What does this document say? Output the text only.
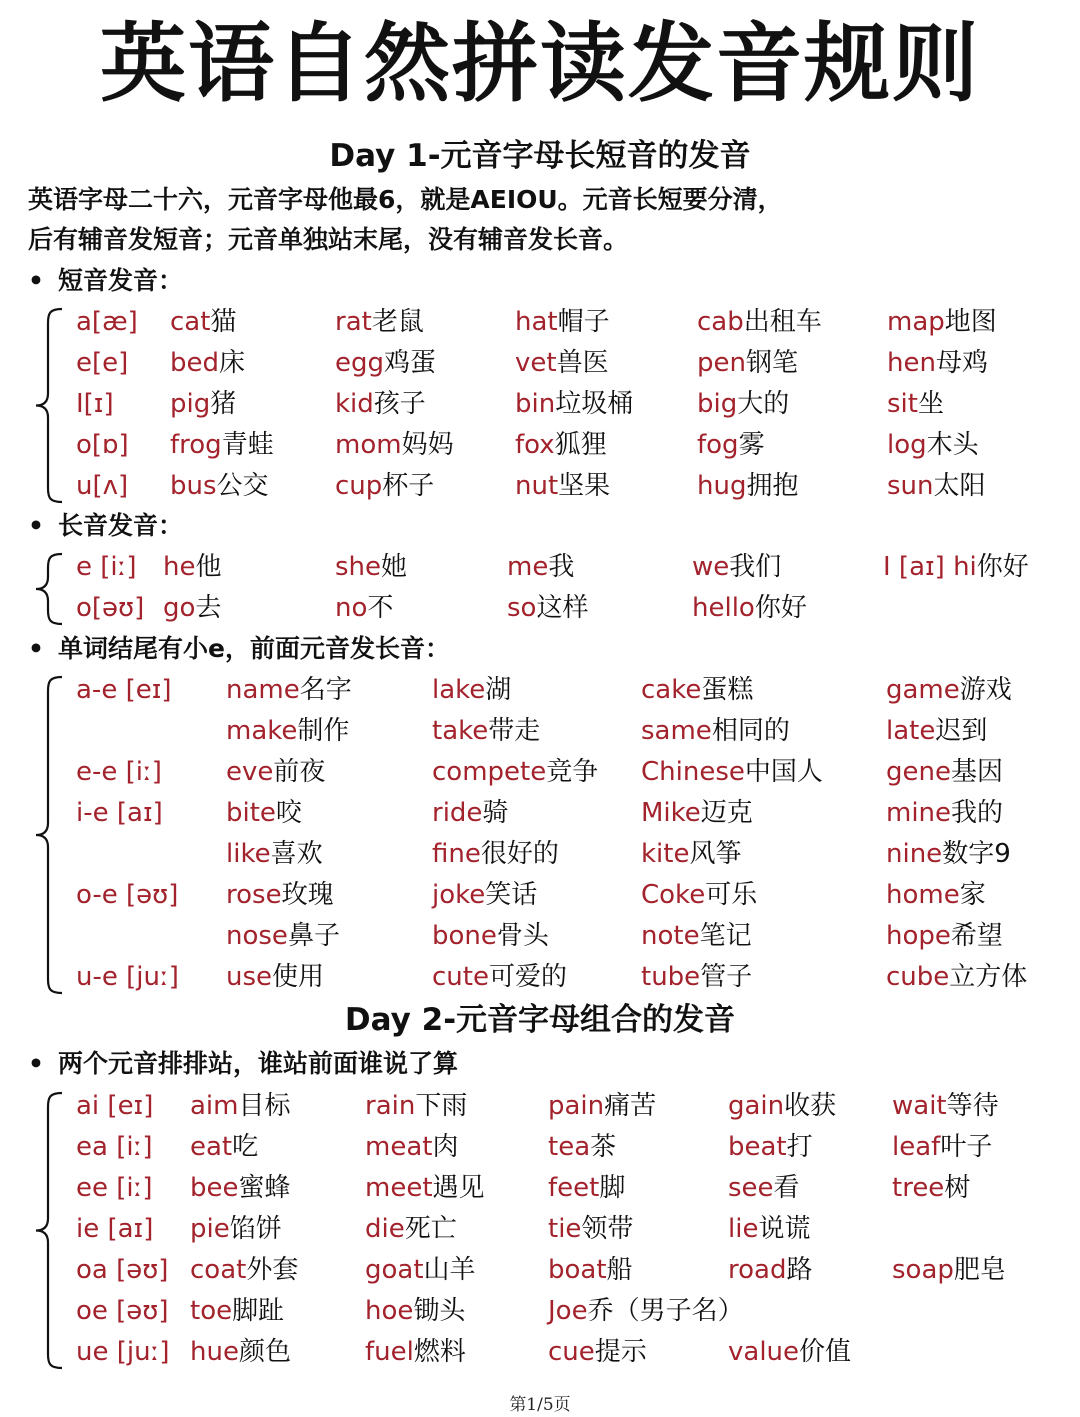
英语自然拼读发音规则
Day 1-元音字母长短音的发音
英语字母二十六，元音字母他最6，就是AEIOU。元音长短要分清，
后有辅音发短音；元音单独站末尾，没有辅音发长音。
• 短音发音：
a[æ] cat猫	rat老鼠	hat帽子	cab出租车	map地图
e[e] bed床	egg鸡蛋	vet兽医	pen钢笔	hen母鸡
I[ɪ] pig猪	kid孩子	bin垃圾桶 big大的	sit坐
o[ɒ] frog青蛙 mom妈妈 fox狐狸	fog雾	log木头
u[ʌ] bus公交	cup杯子	nut坚果	hug拥抱	sun太阳
• 长音发音：
e [iː] he他	she她	me我	we我们	I [aɪ] hi你好
o[əʊ] go去	no不	so这样	hello你好
• 单词结尾有小e，前面元音发长音：
a-e [eɪ] name名字	lake湖	cake蛋糕	game游戏
make制作	take带走	same相同的	late迟到
e-e [iː] eve前夜	compete竞争 Chinese中国人 gene基因
i-e [aɪ] bite咬	ride骑	Mike迈克	mine我的
like喜欢	fine很好的	kite风筝	nine数字9
o-e [əʊ] rose玫瑰	joke笑话	Coke可乐	home家
nose鼻子	bone骨头	note笔记	hope希望
u-e [juː] use使用	cute可爱的	tube管子	cube立方体
Day 2-元音字母组合的发音
• 两个元音排排站，谁站前面谁说了算
ai [eɪ] aim目标	rain下雨	pain痛苦	gain收获 wait等待
ea [iː] eat吃	meat肉	tea茶	beat打	leaf叶子
ee [iː] bee蜜蜂	meet遇见 feet脚	see看	tree树
ie [aɪ] pie馅饼	die死亡	tie领带	lie说谎
oa [əʊ] coat外套	goat山羊	boat船	road路	soap肥皂
oe [əʊ] toe脚趾	hoe锄头	Joe乔（男子名）
ue [juː] hue颜色	fuel燃料	cue提示	value价值
第1/5页
